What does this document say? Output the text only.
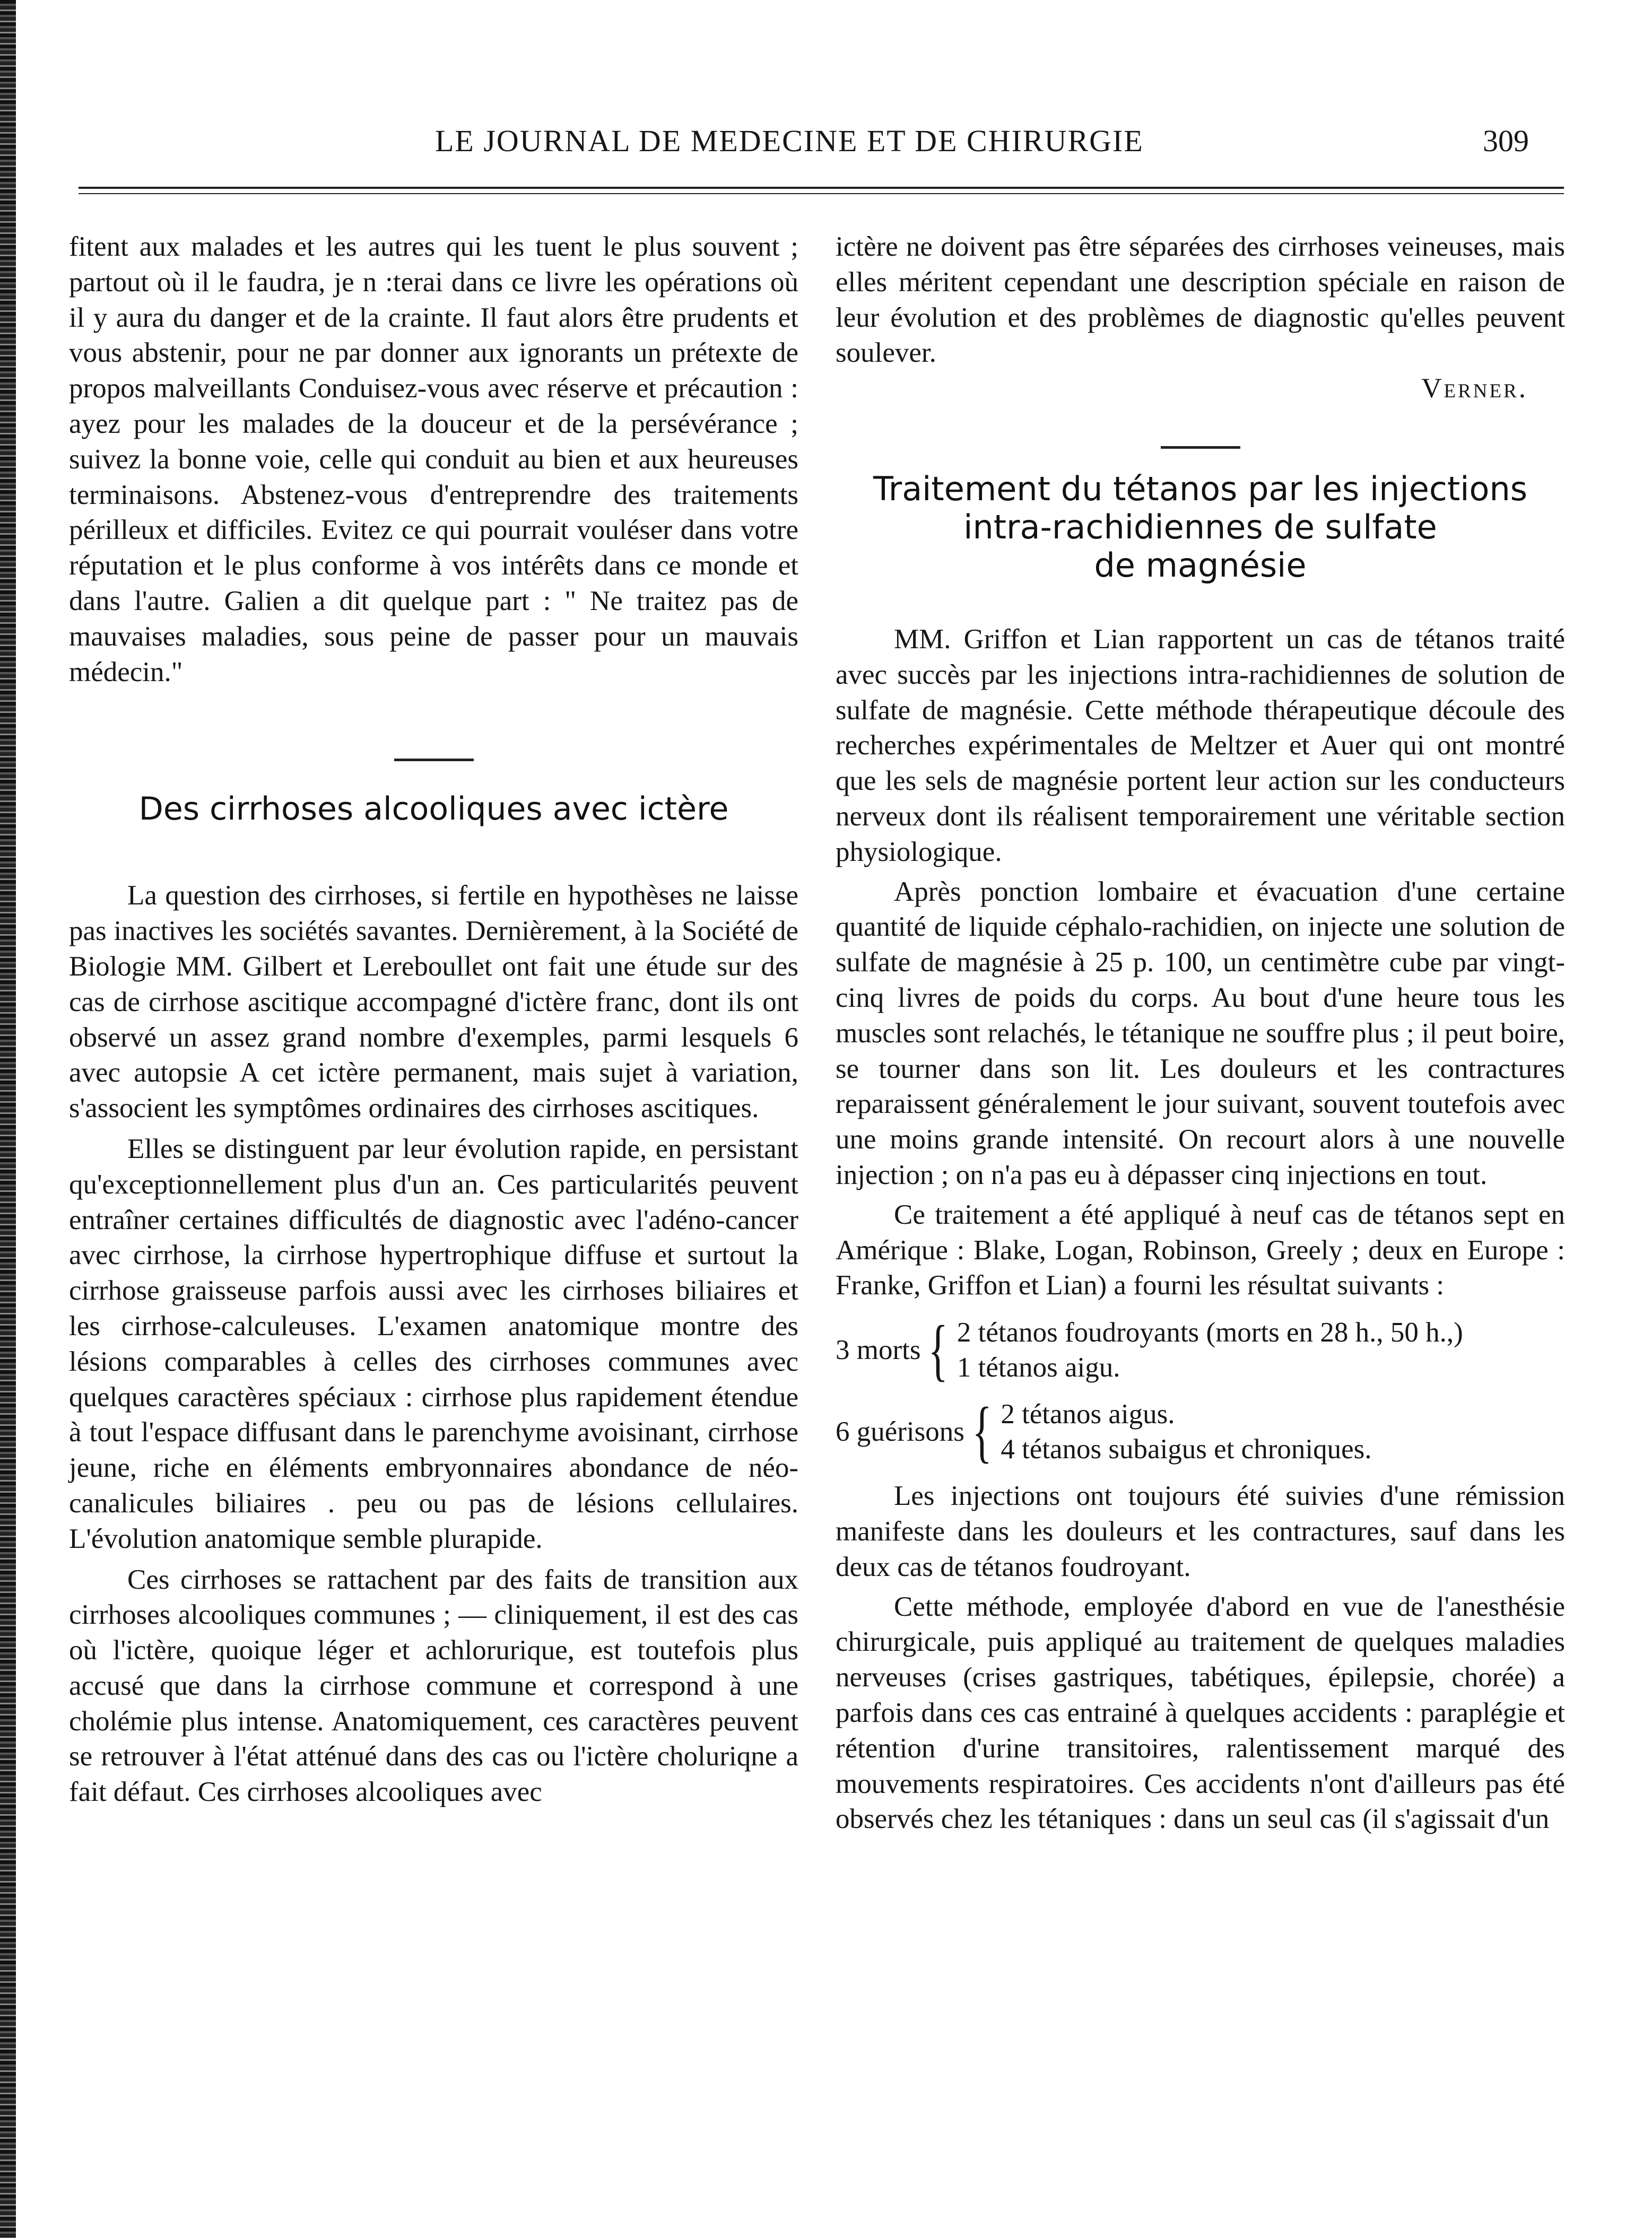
LE JOURNAL DE MEDECINE ET DE CHIRURGIE	309

fitent aux malades et les autres qui les tuent le plus souvent ; partout où il le faudra, je n :terai dans ce livre les opérations où il y aura du danger et de la crainte. Il faut alors être prudents et vous abstenir, pour ne par donner aux ignorants un prétexte de propos malveillants Conduisez-vous avec réserve et précaution : ayez pour les malades de la douceur et de la persévérance ; suivez la bonne voie, celle qui conduit au bien et aux heureuses terminaisons. Abstenez-vous d'entreprendre des traitements périlleux et difficiles. Evitez ce qui pourrait vouléser dans votre réputation et le plus conforme à vos intérêts dans ce monde et dans l'autre. Galien a dit quelque part : " Ne traitez pas de mauvaises maladies, sous peine de passer pour un mauvais médecin."

Des cirrhoses alcooliques avec ictère

La question des cirrhoses, si fertile en hypothèses ne laisse pas inactives les sociétés savantes. Dernièrement, à la Société de Biologie MM. Gilbert et Lereboullet ont fait une étude sur des cas de cirrhose ascitique accompagné d'ictère franc, dont ils ont observé un assez grand nombre d'exemples, parmi lesquels 6 avec autopsie A cet ictère permanent, mais sujet à variation, s'associent les symptômes ordinaires des cirrhoses ascitiques.

Elles se distinguent par leur évolution rapide, en persistant qu'exceptionnellement plus d'un an. Ces particularités peuvent entraîner certaines difficultés de diagnostic avec l'adéno-cancer avec cirrhose, la cirrhose hypertrophique diffuse et surtout la cirrhose graisseuse parfois aussi avec les cirrhoses biliaires et les cirrhose-calculeuses. L'examen anatomique montre des lésions comparables à celles des cirrhoses communes avec quelques caractères spéciaux : cirrhose plus rapidement étendue à tout l'espace diffusant dans le parenchyme avoisinant, cirrhose jeune, riche en éléments embryonnaires abondance de néo-canalicules biliaires . peu ou pas de lésions cellulaires. L'évolution anatomique semble plurapide.

Ces cirrhoses se rattachent par des faits de transition aux cirrhoses alcooliques communes ; — cliniquement, il est des cas où l'ictère, quoique léger et achlorurique, est toutefois plus accusé que dans la cirrhose commune et correspond à une cholémie plus intense. Anatomiquement, ces caractères peuvent se retrouver à l'état atténué dans des cas ou l'ictère choluriqne a fait défaut. Ces cirrhoses alcooliques avec

ictère ne doivent pas être séparées des cirrhoses veineuses, mais elles méritent cependant une description spéciale en raison de leur évolution et des problèmes de diagnostic qu'elles peuvent soulever.

Verner.

Traitement du tétanos par les injections
intra-rachidiennes de sulfate
de magnésie

MM. Griffon et Lian rapportent un cas de tétanos traité avec succès par les injections intra-rachidiennes de solution de sulfate de magnésie. Cette méthode thérapeutique découle des recherches expérimentales de Meltzer et Auer qui ont montré que les sels de magnésie portent leur action sur les conducteurs nerveux dont ils réalisent temporairement une véritable section physiologique.

Après ponction lombaire et évacuation d'une certaine quantité de liquide céphalo-rachidien, on injecte une solution de sulfate de magnésie à 25 p. 100, un centimètre cube par vingt-cinq livres de poids du corps. Au bout d'une heure tous les muscles sont relachés, le tétanique ne souffre plus ; il peut boire, se tourner dans son lit. Les douleurs et les contractures reparaissent généralement le jour suivant, souvent toutefois avec une moins grande intensité. On recourt alors à une nouvelle injection ; on n'a pas eu à dépasser cinq injections en tout.

Ce traitement a été appliqué à neuf cas de tétanos sept en Amérique : Blake, Logan, Robinson, Greely ; deux en Europe : Franke, Griffon et Lian) a fourni les résultat suivants :

3 morts { 2 tétanos foudroyants (morts en 28 h., 50 h.,)
1 tétanos aigu.
6 guérisons { 2 tétanos aigus.
4 tétanos subaigus et chroniques.

Les injections ont toujours été suivies d'une rémission manifeste dans les douleurs et les contractures, sauf dans les deux cas de tétanos foudroyant.

Cette méthode, employée d'abord en vue de l'anesthésie chirurgicale, puis appliqué au traitement de quelques maladies nerveuses (crises gastriques, tabétiques, épilepsie, chorée) a parfois dans ces cas entrainé à quelques accidents : paraplégie et rétention d'urine transitoires, ralentissement marqué des mouvements respiratoires. Ces accidents n'ont d'ailleurs pas été observés chez les tétaniques : dans un seul cas (il s'agissait d'un
